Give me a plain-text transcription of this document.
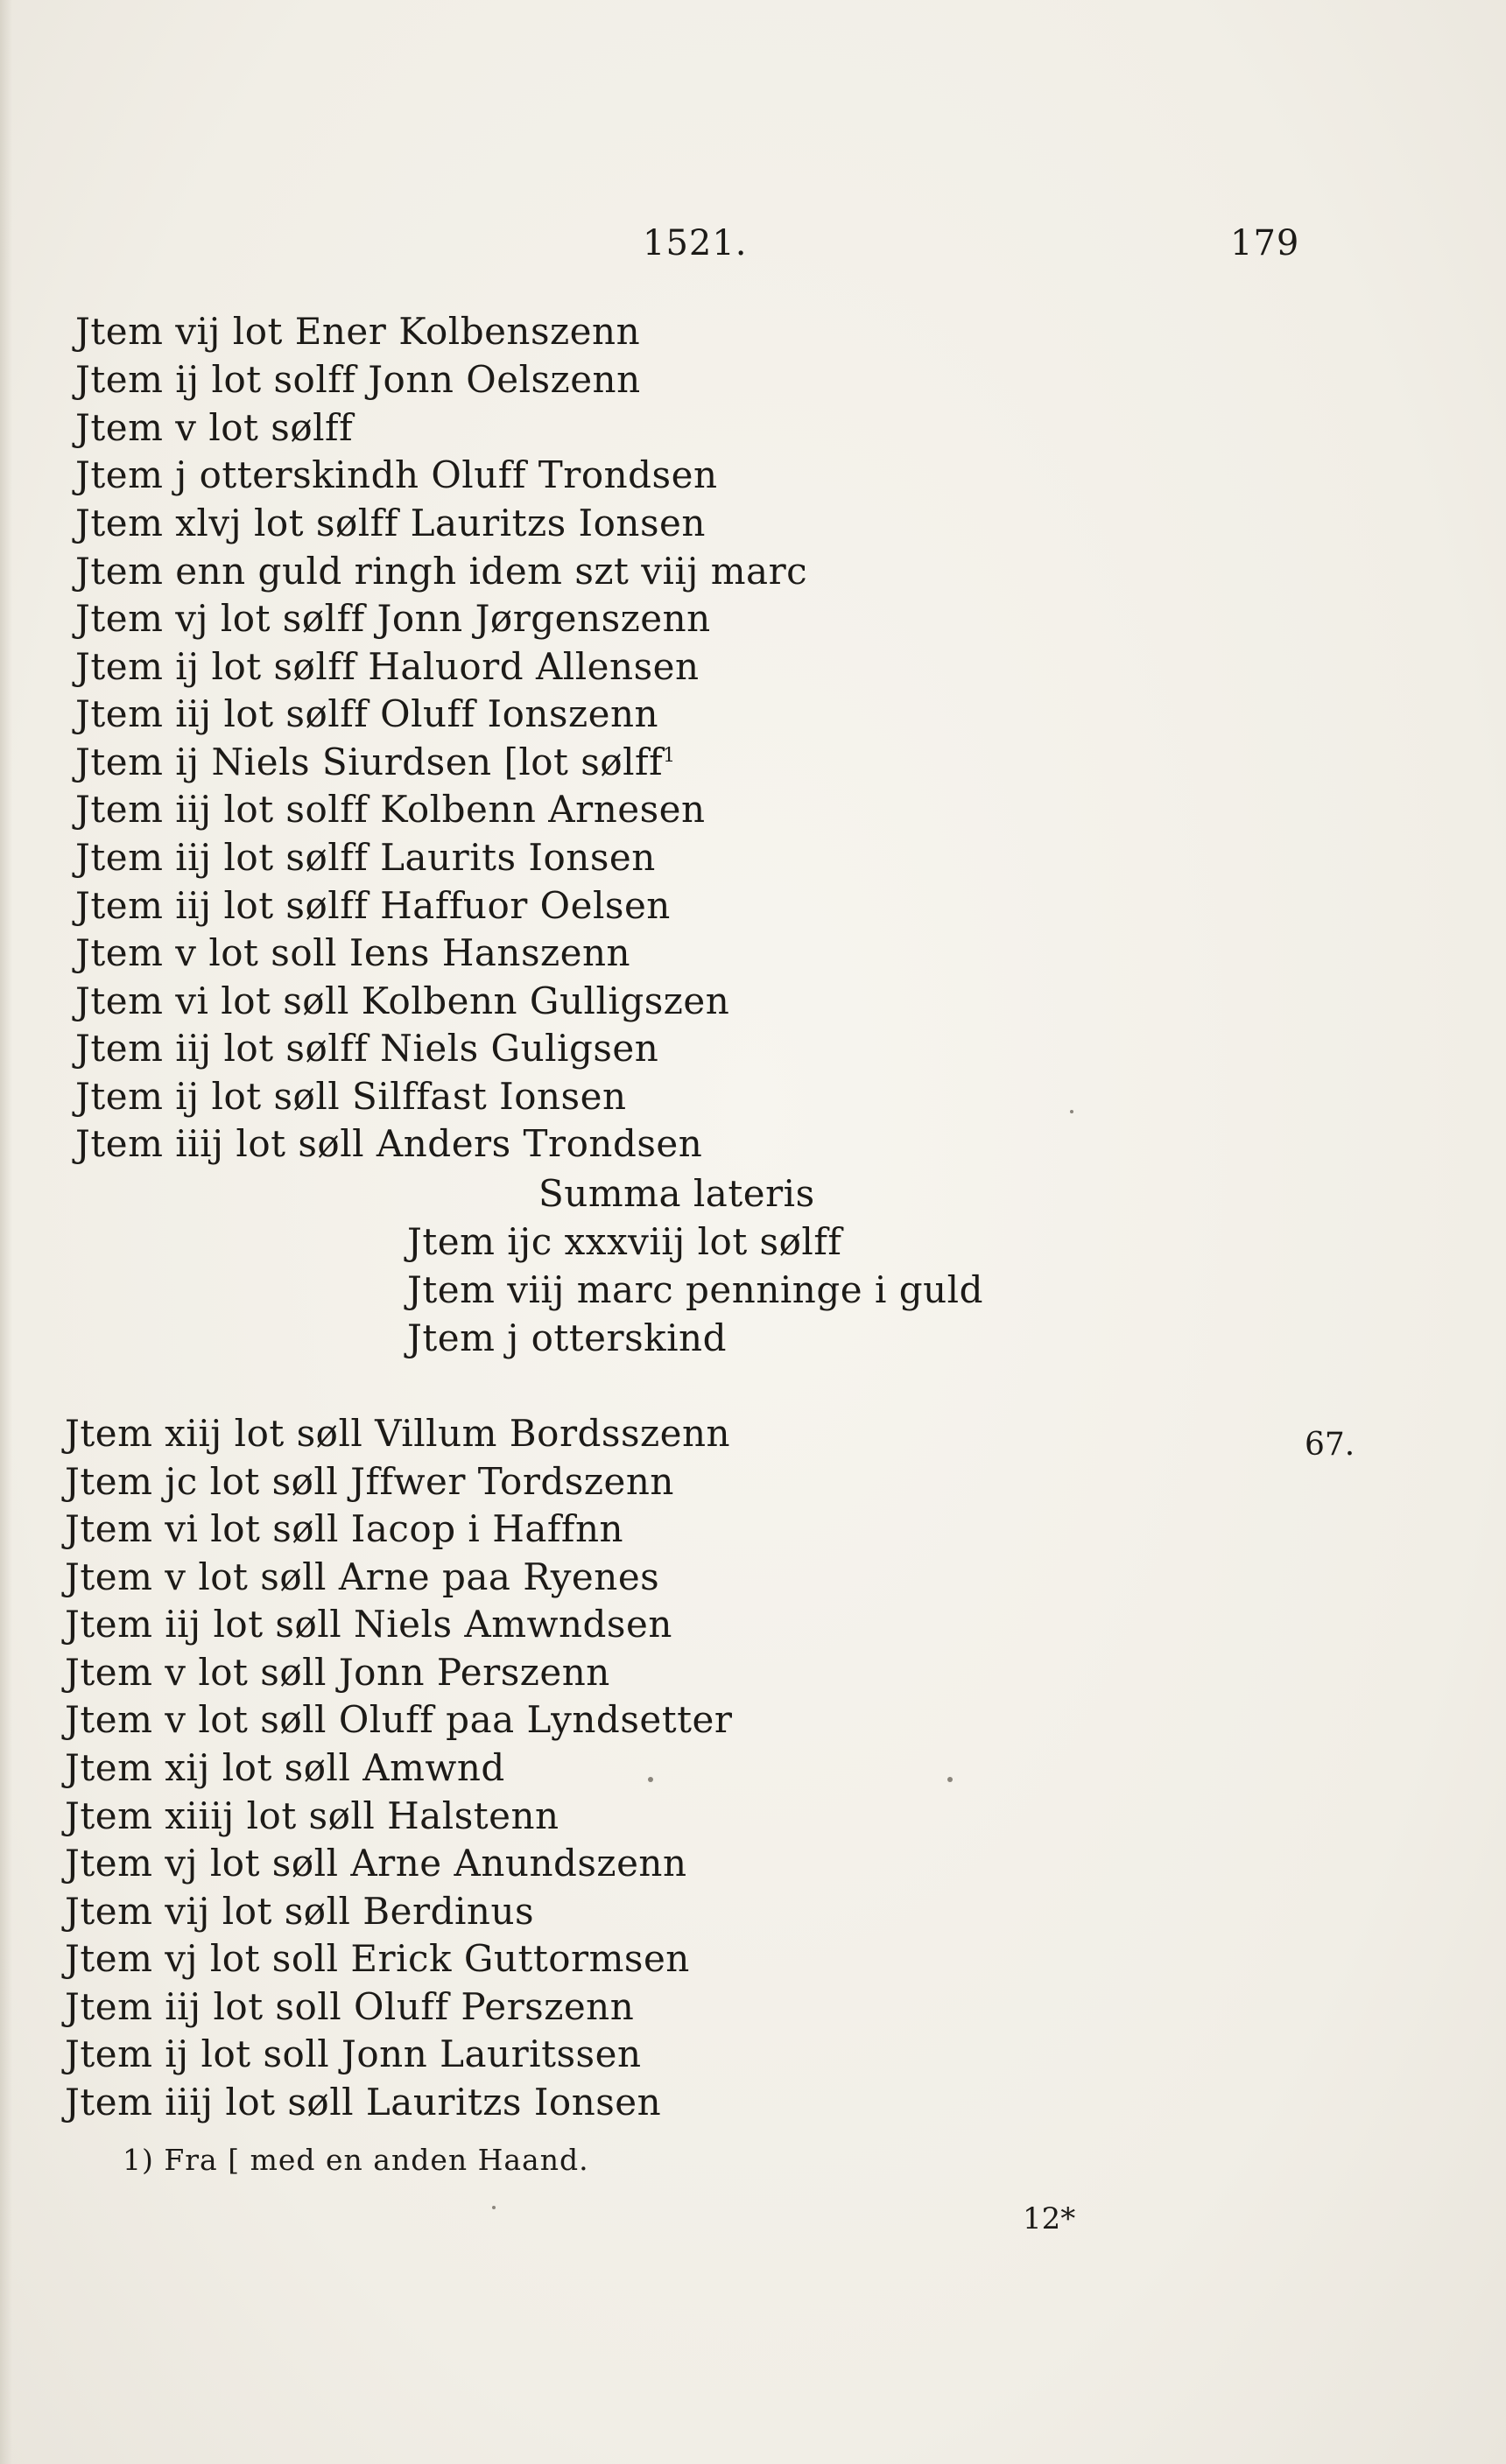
1521.	179
Jtem vij lot Ener Kolbenszenn
Jtem ij lot solff Jonn Oelszenn
Jtem v lot sølff
Jtem j otterskindh Oluff Trondsen
Jtem xlvj lot sølff Lauritzs Ionsen
Jtem enn guld ringh idem szt viij marc
Jtem vj lot sølff Jonn Jørgenszenn
Jtem ij lot sølff Haluord Allensen
Jtem iij lot sølff Oluff Ionszenn
Jtem ij Niels Siurdsen [lot sølff$^1$
Jtem iij lot solff Kolbenn Arnesen
Jtem iij lot sølff Laurits Ionsen
Jtem iij lot sølff Haffuor Oelsen
Jtem v lot soll Iens Hanszenn
Jtem vi lot søll Kolbenn Gulligszen
Jtem iij lot sølff Niels Guligsen
Jtem ij lot søll Silffast Ionsen
Jtem iiij lot søll Anders Trondsen
Summa lateris
Jtem ijc xxxviij lot sølff
Jtem viij marc penninge i guld
Jtem j otterskind
Jtem xiij lot søll Villum Bordsszenn
Jtem jc lot søll Jffwer Tordszenn
Jtem vi lot søll Iacop i Haffnn
Jtem v lot søll Arne paa Ryenes
Jtem iij lot søll Niels Amwndsen
Jtem v lot søll Jonn Perszenn
Jtem v lot søll Oluff paa Lyndsetter
Jtem xij lot søll Amwnd
Jtem xiiij lot søll Halstenn
Jtem vj lot søll Arne Anundszenn
Jtem vij lot søll Berdinus
Jtem vj lot soll Erick Guttormsen
Jtem iij lot soll Oluff Perszenn
Jtem ij lot soll Jonn Lauritssen
Jtem iiij lot søll Lauritzs Ionsen
67.
1) Fra [ med en anden Haand.
12*
